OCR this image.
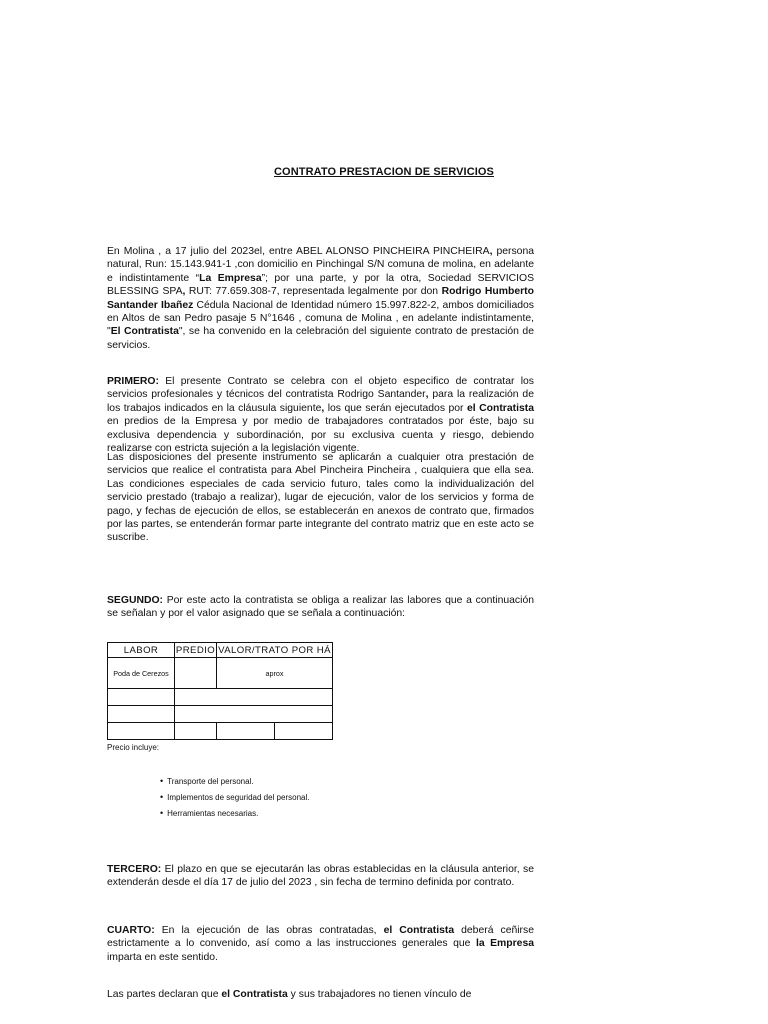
CONTRATO PRESTACION DE SERVICIOS

En Molina , a 17 julio del 2023el, entre ABEL ALONSO PINCHEIRA PINCHEIRA, persona natural, Run: 15.143.941-1 ,con domicilio en Pinchingal S/N comuna de molina, en adelante e indistintamente “La Empresa”; por una parte, y por la otra, Sociedad SERVICIOS BLESSING SPA, RUT: 77.659.308-7, representada legalmente por don Rodrigo Humberto Santander Ibañez Cédula Nacional de Identidad número 15.997.822-2, ambos domiciliados en Altos de san Pedro pasaje 5 N°1646 , comuna de Molina , en adelante indistintamente, "El Contratista", se ha convenido en la celebración del siguiente contrato de prestación de servicios.

PRIMERO: El presente Contrato se celebra con el objeto especifico de contratar los servicios profesionales y técnicos del contratista Rodrigo Santander, para la realización de los trabajos indicados en la cláusula siguiente, los que serán ejecutados por el Contratista en predios de la Empresa y por medio de trabajadores contratados por éste, bajo su exclusiva dependencia y subordinación, por su exclusiva cuenta y riesgo, debiendo realizarse con estricta sujeción a la legislación vigente.

Las disposiciones del presente instrumento se aplicarán a cualquier otra prestación de servicios que realice el contratista para Abel Pincheira Pincheira , cualquiera que ella sea. Las condiciones especiales de cada servicio futuro, tales como la individualización del servicio prestado (trabajo a realizar), lugar de ejecución, valor de los servicios y forma de pago, y fechas de ejecución de ellos, se establecerán en anexos de contrato que, firmados por las partes, se entenderán formar parte integrante del contrato matriz que en este acto se suscribe.

SEGUNDO: Por este acto la contratista se obliga a realizar las labores que a continuación se señalan y por el valor asignado que se señala a continuación:

LABOR	PREDIO	VALOR/TRATO POR HÁ	
Poda de Cerezos		aprox	

Precio incluye:
• Transporte del personal.
• Implementos de seguridad del personal.
• Herramientas necesarias.

TERCERO: El plazo en que se ejecutarán las obras establecidas en la cláusula anterior, se extenderán desde el día 17 de julio del 2023 , sin fecha de termino definida por contrato.

CUARTO: En la ejecución de las obras contratadas, el Contratista deberá ceñirse estrictamente a lo convenido, así como a las instrucciones generales que la Empresa imparta en este sentido.

Las partes declaran que el Contratista y sus trabajadores no tienen vínculo de
